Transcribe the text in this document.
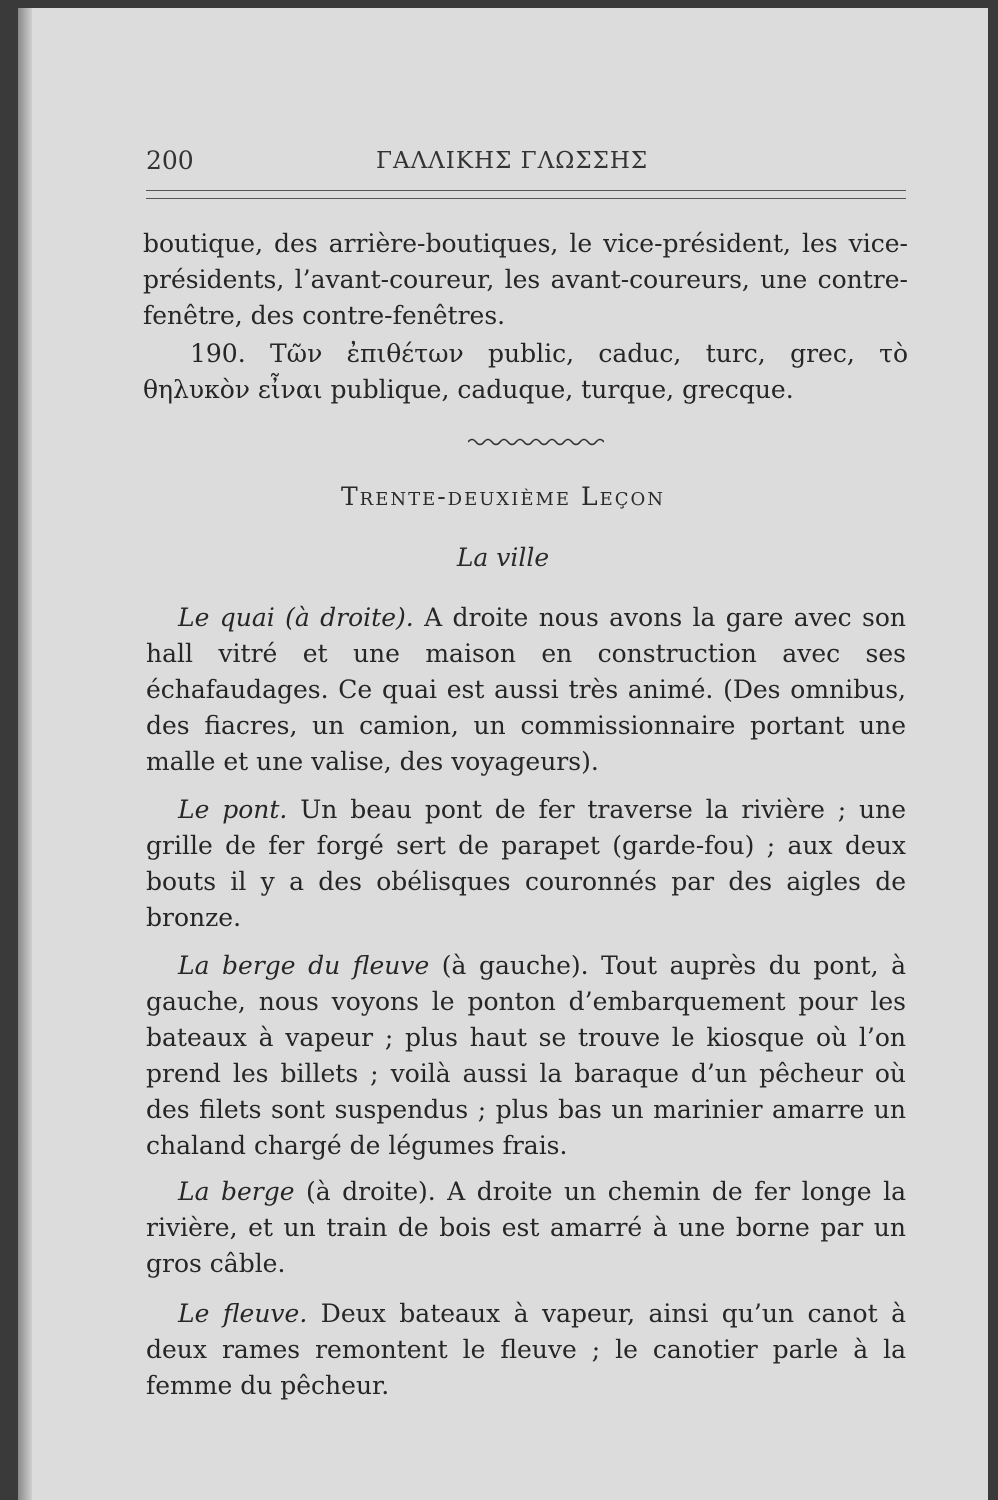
200	ΓΑΛΛΙΚΗΣ ΓΛΩΣΣΗΣ
boutique, des arrière-boutiques, le vice-président, les vice-présidents, l’avant-coureur, les avant-coureurs, une contre-fenêtre, des contre-fenêtres.
190. Τῶν ἐπιθέτων public, caduc, turc, grec, τὸ θηλυκὸν εἶναι publique, caduque, turque, grecque.
Trente-deuxième Leçon
La ville
Le quai (à droite). A droite nous avons la gare avec son hall vitré et une maison en construction avec ses échafaudages. Ce quai est aussi très animé. (Des omnibus, des fiacres, un camion, un commissionnaire portant une malle et une valise, des voyageurs).
Le pont. Un beau pont de fer traverse la rivière ; une grille de fer forgé sert de parapet (garde-fou) ; aux deux bouts il y a des obélisques couronnés par des aigles de bronze.
La berge du fleuve (à gauche). Tout auprès du pont, à gauche, nous voyons le ponton d’embarquement pour les bateaux à vapeur ; plus haut se trouve le kiosque où l’on prend les billets ; voilà aussi la baraque d’un pêcheur où des filets sont suspendus ; plus bas un marinier amarre un chaland chargé de légumes frais.
La berge (à droite). A droite un chemin de fer longe la rivière, et un train de bois est amarré à une borne par un gros câble.
Le fleuve. Deux bateaux à vapeur, ainsi qu’un canot à deux rames remontent le fleuve ; le canotier parle à la femme du pêcheur.
